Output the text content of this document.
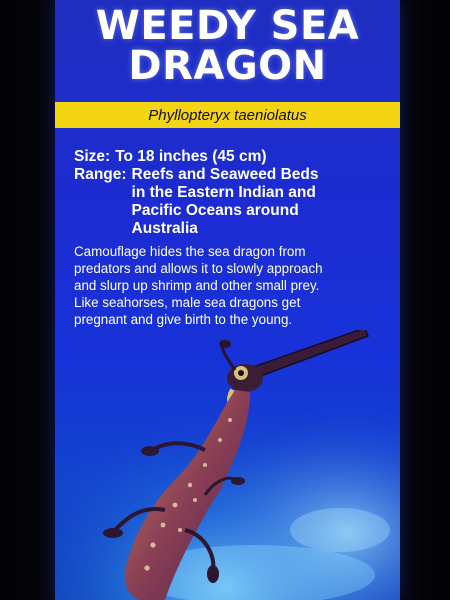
WEEDY SEA
DRAGON
Phyllopteryx taeniolatus
Size: To 18 inches (45 cm)
Range: Reefs and Seaweed Beds
in the Eastern Indian and
Pacific Oceans around
Australia
Camouflage hides the sea dragon from
predators and allows it to slowly approach
and slurp up shrimp and other small prey.
Like seahorses, male sea dragons get
pregnant and give birth to the young.
